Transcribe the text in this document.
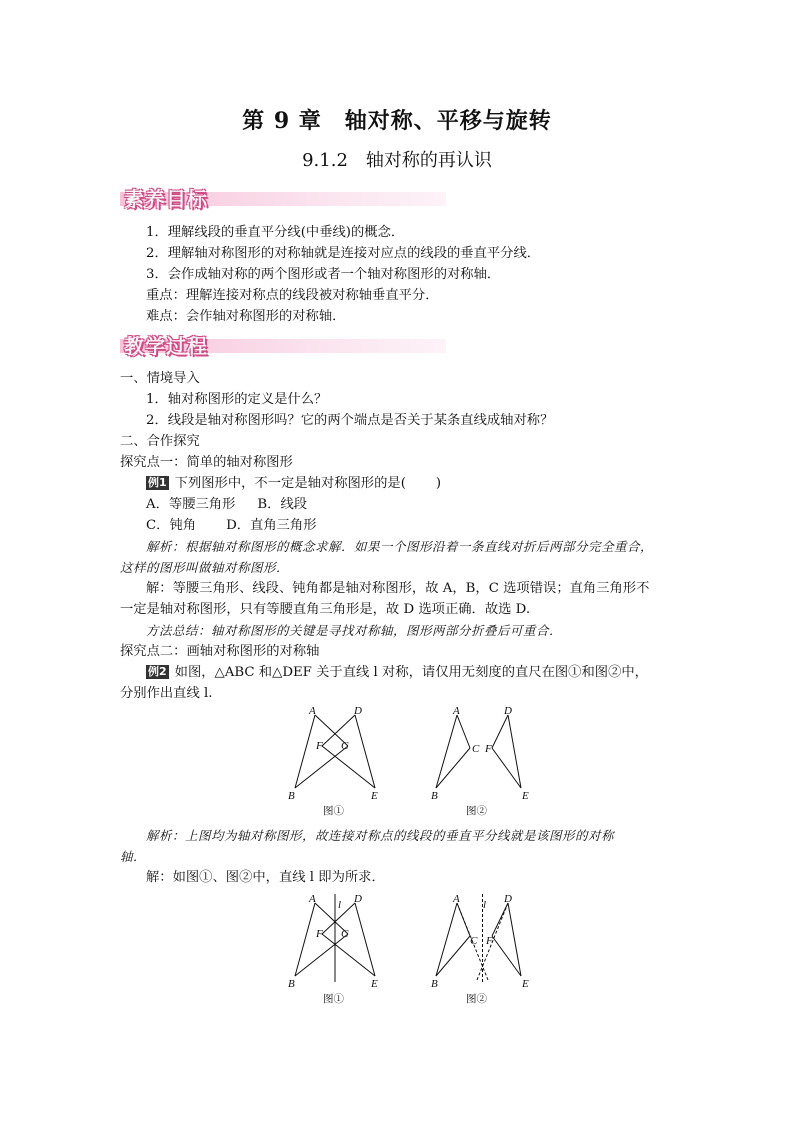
第 9 章　轴对称、平移与旋转
9.1.2　轴对称的再认识
素养目标
1．理解线段的垂直平分线(中垂线)的概念．
2．理解轴对称图形的对称轴就是连接对应点的线段的垂直平分线．
3．会作成轴对称的两个图形或者一个轴对称图形的对称轴．
重点：理解连接对称点的线段被对称轴垂直平分．
难点：会作轴对称图形的对称轴．
教学过程
一、情境导入
1．轴对称图形的定义是什么？
2．线段是轴对称图形吗？它的两个端点是否关于某条直线成轴对称？
二、合作探究
探究点一：简单的轴对称图形
例1 下列图形中，不一定是轴对称图形的是( )
A．等腰三角形 B．线段
C．钝角 D．直角三角形
解析：根据轴对称图形的概念求解．如果一个图形沿着一条直线对折后两部分完全重合，
这样的图形叫做轴对称图形．
解：等腰三角形、线段、钝角都是轴对称图形，故 A，B，C 选项错误；直角三角形不
一定是轴对称图形，只有等腰直角三角形是，故 D 选项正确．故选 D.
方法总结：轴对称图形的关键是寻找对称轴，图形两部分折叠后可重合．
探究点二：画轴对称图形的对称轴
例2 如图，△ABC 和△DEF 关于直线 l 对称，请仅用无刻度的直尺在图①和图②中，
分别作出直线 l.
A
B
C
D
E
F
图①
A
B
C
D
E
F
图②
解析：上图均为轴对称图形，故连接对称点的线段的垂直平分线就是该图形的对称
轴．
解：如图①、图②中，直线 l 即为所求．
A
B
C
D
E
F
l
图①
A
B
C
D
E
F
l
图②
